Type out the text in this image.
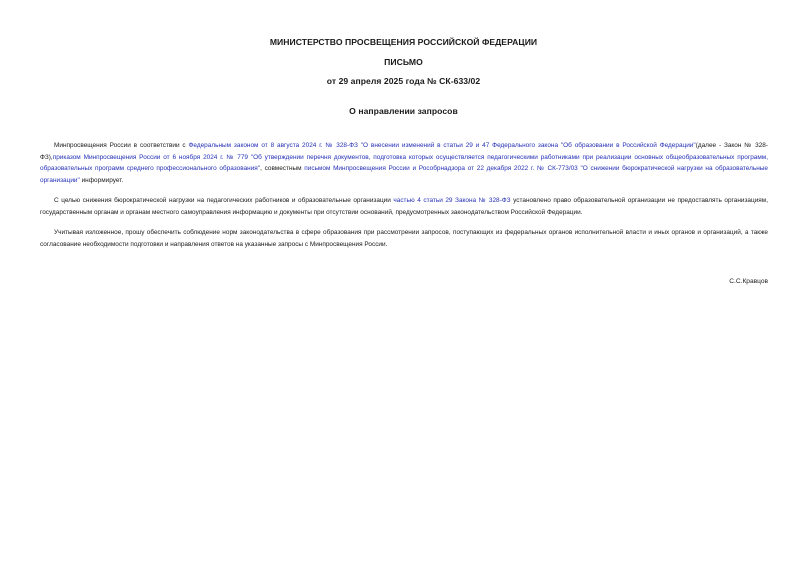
МИНИСТЕРСТВО ПРОСВЕЩЕНИЯ РОССИЙСКОЙ ФЕДЕРАЦИИ
ПИСЬМО
от 29 апреля 2025 года № СК-633/02
О направлении запросов

Минпросвещения России в соответствии с Федеральным законом от 8 августа 2024 г. № 328-ФЗ "О внесении изменений в статьи 29 и 47 Федерального закона "Об образовании в Российской Федерации"(далее - Закон № 328-ФЗ),приказом Минпросвещения России от 6 ноября 2024 г. № 779 "Об утверждении перечня документов, подготовка которых осуществляется педагогическими работниками при реализации основных общеобразовательных программ, образовательных программ среднего профессионального образования", совместным письмом Минпросвещения России и Рособрнадзора от 22 декабря 2022 г. № СК-773/03 "О снижении бюрократической нагрузки на образовательные организации" информирует.

С целью снижения бюрократической нагрузки на педагогических работников и образовательные организации частью 4 статьи 29 Закона № 328-ФЗ установлено право образовательной организации не предоставлять организациям, государственным органам и органам местного самоуправления информацию и документы при отсутствии оснований, предусмотренных законодательством Российской Федерации.

Учитывая изложенное, прошу обеспечить соблюдение норм законодательства в сфере образования при рассмотрении запросов, поступающих из федеральных органов исполнительной власти и иных органов и организаций, а также согласование необходимости подготовки и направления ответов на указанные запросы с Минпросвещения России.

С.С.Кравцов
